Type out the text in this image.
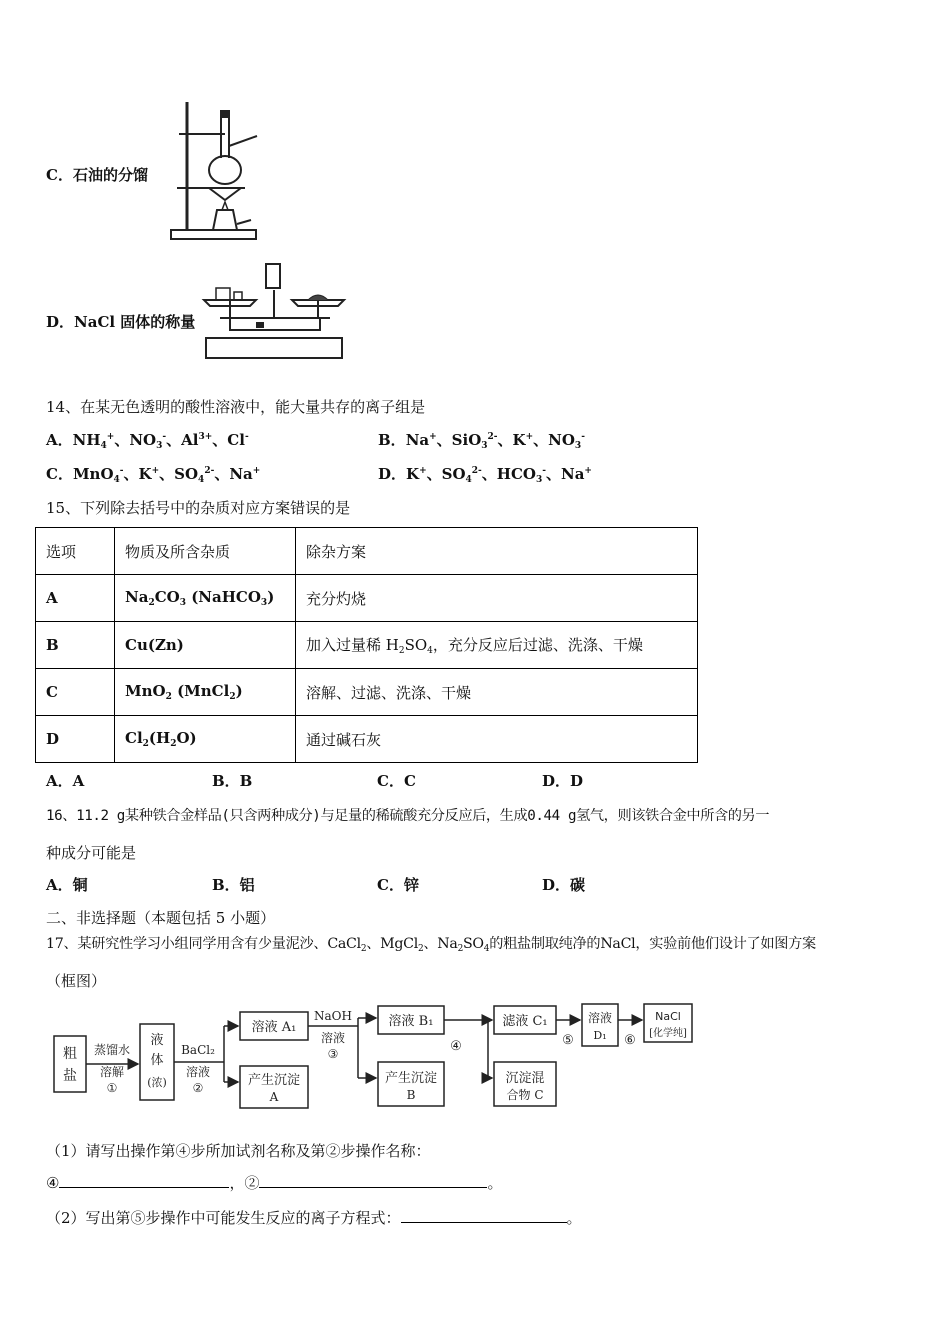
C．石油的分馏
D．NaCl 固体的称量
14、在某无色透明的酸性溶液中，能大量共存的离子组是
A．$NH_4^+$、$NO_3^-$、$Al^{3+}$、Cl-	B．Na+、SiO$_3^{2-}$、K+、$NO_3^-$
C．MnO$_4$-、K+、$SO_4^{2-}$、Na+	D．K+、$SO_4^{2-}$、$HCO_3^-$、Na+
15、下列除去括号中的杂质对应方案错误的是
选项	物质及所含杂质	除杂方案
A	$Na_2CO_3$ (NaHCO$_3$)	充分灼烧
B	Cu(Zn)	加入过量稀 $H_2SO_4$，充分反应后过滤、洗涤、干燥
C	MnO$_2$ (MnCl$_2$)	溶解、过滤、洗涤、干燥
D	$Cl_2(H_2O)$	通过碱石灰
A．A	B．B	C．C	D．D
16、11.2 g某种铁合金样品(只含两种成分)与足量的稀硫酸充分反应后，生成0.44 g氢气，则该铁合金中所含的另一
种成分可能是
A．铜	B．铝	C．锌	D．碳
二、非选择题（本题包括 5 小题）
17、某研究性学习小组同学用含有少量泥沙、CaCl$_2$、MgCl$_2$、$Na_2SO_4$的粗盐制取纯净的NaCl，实验前他们设计了如图方案
（框图）
粗
盐
蒸馏水
溶解
①
液
体
(浓)
BaCl₂
溶液
②
溶液 A₁
产生沉淀
A
NaOH
溶液
③
溶液 B₁
产生沉淀
B
④
滤液 C₁
沉淀混
合物 C
⑤
溶液
D₁ ⑥
NaCl
[化学纯]
（1）请写出操作第④步所加试剂名称及第②步操作名称：
④	，②	。
（2）写出第⑤步操作中可能发生反应的离子方程式：	。
